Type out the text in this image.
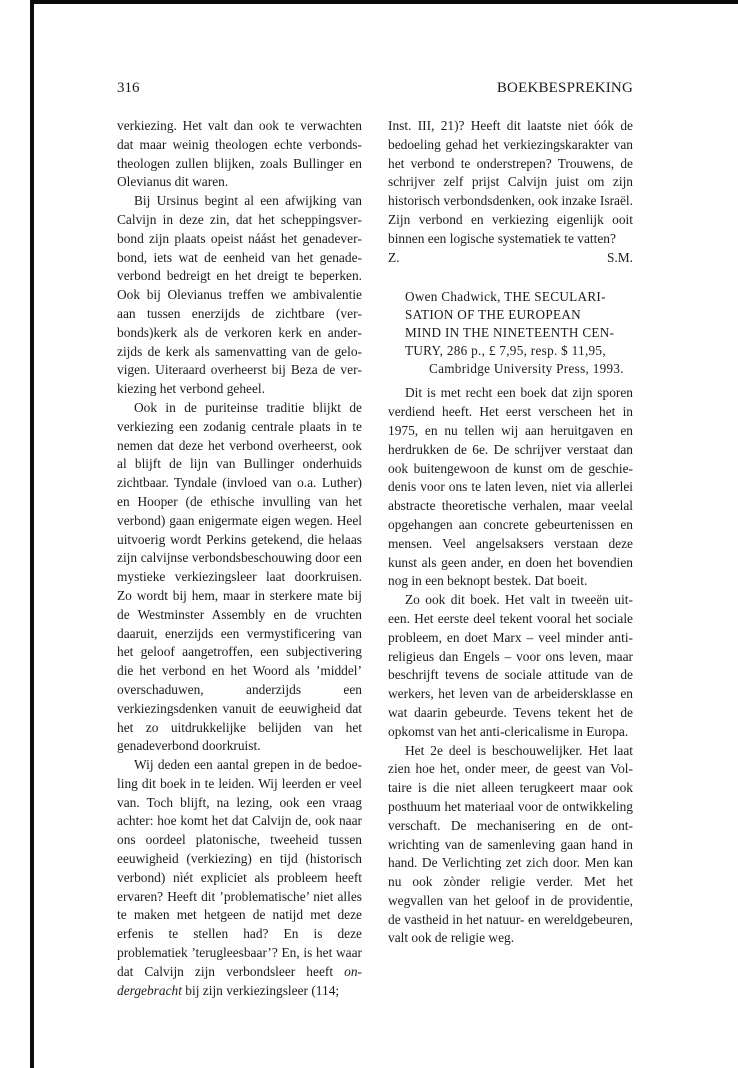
316	BOEKBESPREKING

verkiezing. Het valt dan ook te verwachten dat maar weinig theologen echte verbondstheologen zullen blijken, zoals Bullinger en Olevianus dit waren.

Bij Ursinus begint al een afwijking van Calvijn in deze zin, dat het scheppingsverbond zijn plaats opeist náást het genadeverbond, iets wat de eenheid van het genadeverbond bedreigt en het dreigt te beperken. Ook bij Olevianus treffen we ambivalentie aan tussen enerzijds de zichtbare (verbonds)kerk als de verkoren kerk en anderzijds de kerk als samenvatting van de gelovigen. Uiteraard overheerst bij Beza de verkiezing het verbond geheel.

Ook in de puriteinse traditie blijkt de verkiezing een zodanig centrale plaats in te nemen dat deze het verbond overheerst, ook al blijft de lijn van Bullinger onderhuids zichtbaar. Tyndale (invloed van o.a. Luther) en Hooper (de ethische invulling van het verbond) gaan enigermate eigen wegen. Heel uitvoerig wordt Perkins getekend, die helaas zijn calvijnse verbondsbeschouwing door een mystieke verkiezingsleer laat doorkruisen. Zo wordt bij hem, maar in sterkere mate bij de Westminster Assembly en de vruchten daaruit, enerzijds een vermystificering van het geloof aangetroffen, een subjectivering die het verbond en het Woord als ’middel’ overschaduwen, anderzijds een verkiezingsdenken vanuit de eeuwigheid dat het zo uitdrukkelijke belijden van het genadeverbond doorkruist.

Wij deden een aantal grepen in de bedoeling dit boek in te leiden. Wij leerden er veel van. Toch blijft, na lezing, ook een vraag achter: hoe komt het dat Calvijn de, ook naar ons oordeel platonische, tweeheid tussen eeuwigheid (verkiezing) en tijd (historisch verbond) nìét expliciet als probleem heeft ervaren? Heeft dit ’problematische’ niet alles te maken met hetgeen de natijd met deze erfenis te stellen had? En is deze problematiek ’terugleesbaar’? En, is het waar dat Calvijn zijn verbondsleer heeft ondergebracht bij zijn verkiezingsleer (114;

Inst. III, 21)? Heeft dit laatste niet óók de bedoeling gehad het verkiezingskarakter van het verbond te onderstrepen? Trouwens, de schrijver zelf prijst Calvijn juist om zijn historisch verbondsdenken, ook inzake Israël. Zijn verbond en verkiezing eigenlijk ooit binnen een logische systematiek te vatten?

Z.	S.M.
Owen Chadwick, THE SECULARI-
SATION OF THE EUROPEAN
MIND IN THE NINETEENTH CEN-
TURY, 286 p., £ 7,95, resp. $ 11,95,
Cambridge University Press, 1993.

Dit is met recht een boek dat zijn sporen verdiend heeft. Het eerst verscheen het in 1975, en nu tellen wij aan heruitgaven en herdrukken de 6e. De schrijver verstaat dan ook buitengewoon de kunst om de geschiedenis voor ons te laten leven, niet via allerlei abstracte theoretische verhalen, maar veelal opgehangen aan concrete gebeurtenissen en mensen. Veel angelsaksers verstaan deze kunst als geen ander, en doen het bovendien nog in een beknopt bestek. Dat boeit.

Zo ook dit boek. Het valt in tweeën uiteen. Het eerste deel tekent vooral het sociale probleem, en doet Marx – veel minder anti-religieus dan Engels – voor ons leven, maar beschrijft tevens de sociale attitude van de werkers, het leven van de arbeidersklasse en wat daarin gebeurde. Tevens tekent het de opkomst van het anti-clericalisme in Europa.

Het 2e deel is beschouwelijker. Het laat zien hoe het, onder meer, de geest van Voltaire is die niet alleen terugkeert maar ook posthuum het materiaal voor de ontwikkeling verschaft. De mechanisering en de ontwrichting van de samenleving gaan hand in hand. De Verlichting zet zich door. Men kan nu ook zònder religie verder. Met het wegvallen van het geloof in de providentie, de vastheid in het natuur- en wereldgebeuren, valt ook de religie weg.
